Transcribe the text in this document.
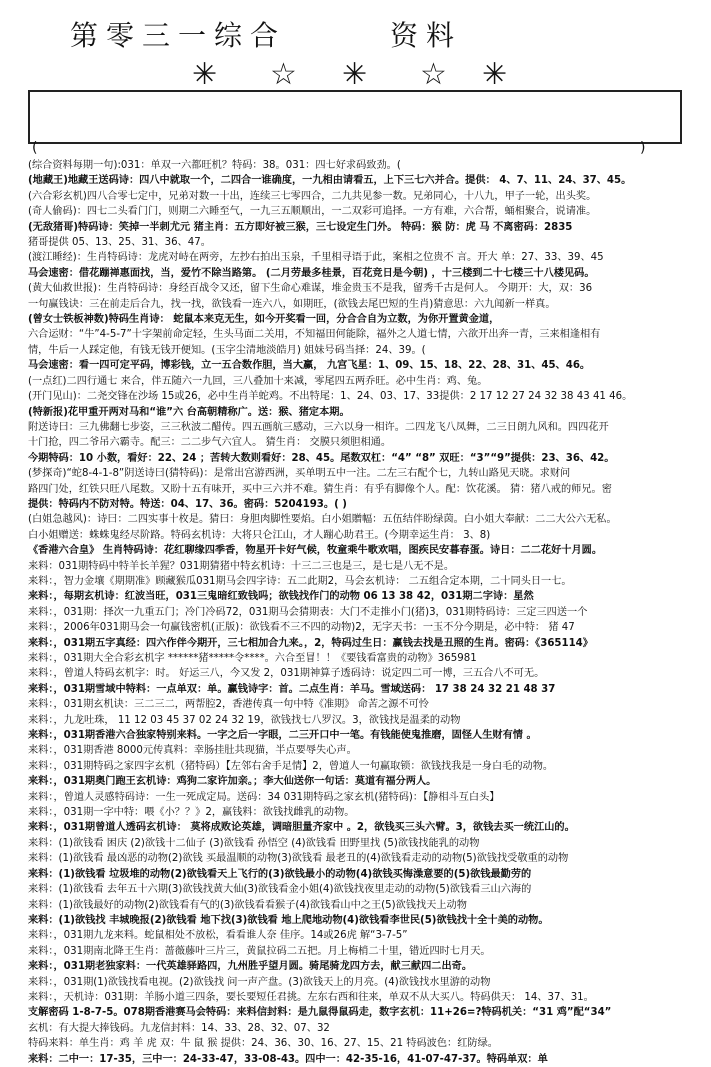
第零三一综合	资料
✳ ☆ ✳ ☆ ✳
(	)
(综合资料每期一句):031：单双一六都旺机？特码：38。031：四七好求码致劲。(
(地藏王)地藏王送码诗：四八中就取一个，二四合一谁确度，一九相由请看五，上下三七六并合。提供： 4、7、11、24、37、45。
(六合彩玄机)四八合零七定中，兄弟对数一十出，连续三七零四合，二九共见参一数。兄弟同心，十八九，甲子一轮，出头奖。
(奇人偷码)：四七二头看门门，则期二六睡至气，一九三五顺顺出，一二双彩可追择。一方有难，六合帮，蛹相聚合，说请准。
(无敌猪哥)特码诗：笑掉一半刺尤元 猪主肖：五方即好被三猴，三七设定生门外。 特码：猴 防：虎 马 不离密码：2835
猪哥提供 05、13、25、31、36、47。
(渡江睡经)：生肖特码诗：龙虎对峙在两旁，左抄右拍出玉泉，千里相寻语于此，案相之位贵不 言。开大 单：27、33、39、45
马会速密：借花蹦禅惠面找，当，爱竹不除当路第。 (二月劳最多桂景，百花竞日是今朝) ，十三楼到二十七楼三十八楼见码。
(黄大仙救世报)：生肖特码诗：身经百战令又还，留下生命心难谋，堆金贵玉不是我，留秀千古是何人。 今期开：大，双：36
一句赢钱诀：三在前走后合九，找一找，欲钱看一连六八，如期旺，(欲钱去尾巴短的生肖)猜意思：六九闻新一样真。
(曾女士铁板神数)特码生肖诗： 蛇鼠本来克无生，如今开奖看一回，分合合自为立数，为你开置黄金道，
六合运财：“牛”4-5-7”十字架前命定轻，生头马面二关用，不知福田何能除，福外之人道七情，六欲开出奔一青，三来相逢相有
情，牛后一人踩定他，有钱无钱开便知。(玉字尘清地淡皓月) 姐妹号码当择：24、39。(
马会速密：看一四可定平码，博彩钱，立一五合数作胆，当大赢， 九宫飞星：1、09、15、18、22、28、31、45、46。
(一点红)二四行通七 来合，伴五随六一九回，三八叠加十来减，零尾四五两乔旺。必中生肖：鸡、兔。
(开门见山)：二尧交锋在沙场 15或26，必中生肖羊蛇鸡。不出特尾：1、24、03、17、33提供：2 17 12 27 24 32 38 43 41 46。
(特新报)花甲重开两对马和“谁”六 台高朝精称广。送：猴、猪定本期。
附送诗曰：三九佛翻七步姿，三三秋波二醋传。四五画航三感动，三六以身一相许。二四龙飞八凤舞，二三日朗九风和。四四花开
十门抢，四二爷吊六霸寺。配三：二二步气六宜人。 猜生肖： 交膜只须胆相通。
今期特码：10 小数，看好：22、24 ；苦转大数则看好：28、45。尾数双杠：“4” “8” 双旺：“3”“9”提供：23、36、42。
(梦探奇)“蛇8-4-1-8”阴送诗曰(猜特码)：是常出宫游西洲，买单明五中一注。二左三右配个七，九转山路见天晓。求财问
路四门处，红铁只旺八尾数。又盼十五有味开，买中三六并不难。猜生肖：有乎有脚像个人。配：饮花溪。 猜：猪八戒的师兄。密
提供：特码内不防对特。特送：04、17、36。密码：5204193。( )
(白姐急越风)：诗曰：二四实事十枚是。猜曰：身胆肉脚性要焰。白小姐贈幅：五伍结伴盼绿茵。白小姐大奉献：二二大公六无私。
白小姐赠送：蛛蛛鬼经尽阶路。特码玄机诗：大将只仑江山，才人蹦心助君王。(今期幸运生肖： 3、8)
《香港六合皇》 生肖特码诗：花红聊缘四季香，物星开卡好气候，牧童乘牛歌欢唱，图疾民安暮春蛋。诗日：二二花好十月圆。
来料：031期特码中特羊长羊猩？031期猜猪中特玄机诗：十三二三也是三，是七是八无不是。
来料：，智力金壤《期期准》顾藏猴瓜031期马会四字诗：五二此期2，马会玄机诗： 二五组合定本期，二十同头日一七。
来料：，每期玄机诗：红波当旺，031三鬼暗红致钱吗；欲钱找作门的动物 06 13 38 42，031期二字诗：星然
来料：，031期：择次一九重五门；冷门冷码72，031期马会猜期表：大门不走推小门(猪)3，031期特码诗：三定三四送一个
来料：，2006年031期马会一句赢钱密机(正版)：欲钱看不三不四的动物)2，无字天书：一玉不分今期是，必中特： 猪 47
来料：，031期五字真经：四六作伴今期开，三七相加合九来。，2，特码过生日：赢钱去找是丑照的生肖。密码：《365114》
来料：，031期大全合彩玄机字 ******猪*****令****。六合至冒！！《要钱看富贵的动物》365981
来料：，曾道人特码玄机字：时。 好运三八，今又发 2，031期神算子透码诗：说定四二可一博，三五合八不可无。
来料：，031期雪域中特料：一点单双：单。赢钱诗字：首。二点生肖：羊马。雪域送码： 17 38 24 32 21 48 37
来料：，031期玄机诀：三二三二，两帮腔2，香港传真一句中特《准期》 命苦之源不可怜
来料：，九龙吐珠， 11 12 03 45 37 02 24 32 19，欲钱找七八罗汉。3，欲钱找是温柔的动物
来料：，031期香港六合独家特别来料。一字之后一字眼，二三开口中一笔。有钱能使鬼推磨，固怪人生财有情 。
来料：，031期香港 8000元传真料：幸肠挂肚共现猫，半点要辱失心声。
来料：，031期特码之家四字玄机（猪特码）【左邻右舍手足情】2，曾道人一句赢取锁：欲钱找我是一身白毛的动物。
来料：，031期奥门跑王玄机诗：鸡狗二家许加亲。；李大仙送你一句话：莫道有福分两人。
来料：，曾道人灵感特码诗：一生一死成定局。送码：34 031期特码之家玄机(猪特码)：【静相斗互白头】
来料：，031期一字中特：喂《小？？》2，赢钱料：欲钱找雌乳的动物。
来料：，031期曾道人透码玄机诗： 莫将成败论英雄，调暗胆量齐家中 。2，欲钱买三头六臂。3，欲钱去买一统江山的。
来料：(1)欲钱看 困庆 (2)欲钱十二仙子 (3)欲钱看 孙悟空 (4)欲钱看 田野里找 (5)欲钱找能乳的动物
来料：(1)欲钱看 最凶恶的动物(2)欲钱 买最温顺的动物(3)欲钱看 最老丑的(4)欲钱看走动的动物(5)欲钱找受敬重的动物
来料：(1)欲钱看 垃圾堆的动物(2)欲钱看天上飞行的(3)欲钱最小的动物(4)欲钱买悔澡意要的(5)欲钱最勤劳的
来料：(1)欲钱看 去年五十六期(3)欲钱找黄大仙(3)欲钱看金小姐(4)欲钱找夜里走动的动物(5)欲钱看三山六海的
来料：(1)欲钱最好的动物(2)欲钱看有气的(3)欲钱看看猴子(4)欲钱看山中之王(5)欲钱找天上动物
来料：(1)欲钱找 丰城晚报(2)欲钱看 地下找(3)欲钱看 地上爬地动物(4)欲钱看李世民(5)欲钱找十全十美的动物。
来料：，031期九龙来料。蛇鼠相处不放松，看看谁人奈 佳序。14或26虎 解“3-7-5”
来料：，031期南北降王生肖：蔷薇藤叶三片三，黄鼠拉码二五把。月上梅梢二十里，错近四时七月天。
来料：，031期老独家料：一代英雄驿路四，九州胜乎望月圆。骑尾骑龙四方去，献三献四二出奇。
来料：，031期(1)欲钱找看电视。(2)欲钱找 问一声产盘。(3)欲钱天上的月亮。(4)欲钱找水里游的动物
来料：，天机诗：031期：羊肠小道三四条，要长要短任君挑。左东右西和往来，单双不从大买八。特码供天： 14、37、31。
支解密码 1-8-7-5。078期香港赛马会特码：来料信封料：是九鼠得鼠码走，数字玄机：11+26=?特码机关：“31 鸡”配“34”
玄机：有大提大捧钱码。九龙信封料：14、33、28、32、07、32
特码来料：单生肖：鸡 羊 虎 双：牛 鼠 猴 提供：24、36、30、16、27、15、21 特码波色：红防绿。
来料：二中一：17-35，三中一：24-33-47，33-08-43。四中一：42-35-16，41-07-47-37。特码单双：单
